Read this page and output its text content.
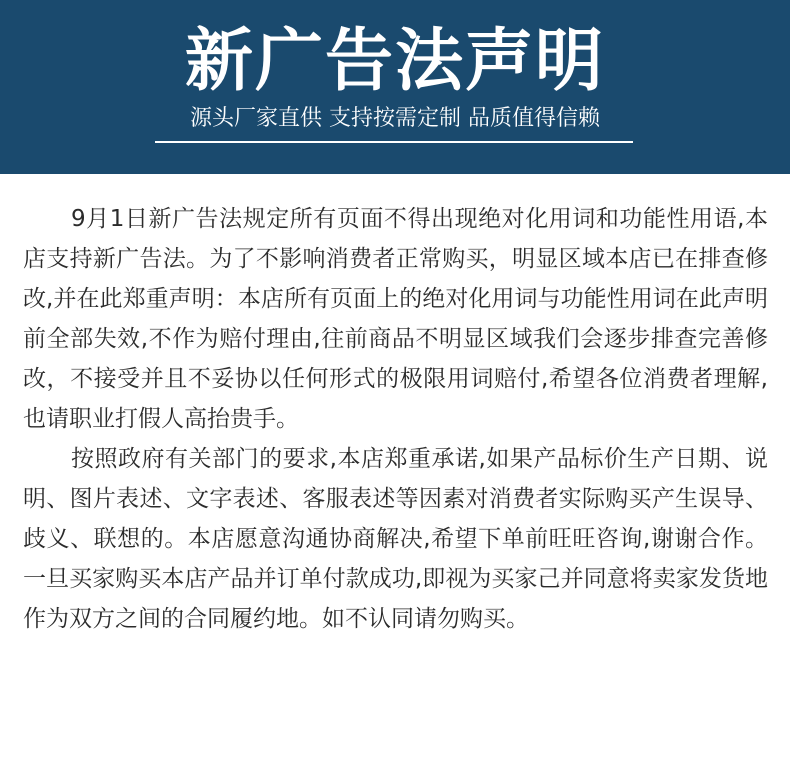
新广告法声明
源头厂家直供 支持按需定制 品质值得信赖

9月1日新广告法规定所有页面不得出现绝对化用词和功能性用语,本店支持新广告法。为了不影响消费者正常购买，明显区域本店已在排查修改,并在此郑重声明：本店所有页面上的绝对化用词与功能性用词在此声明前全部失效,不作为赔付理由,往前商品不明显区域我们会逐步排查完善修改，不接受并且不妥协以任何形式的极限用词赔付,希望各位消费者理解,也请职业打假人高抬贵手。

按照政府有关部门的要求,本店郑重承诺,如果产品标价生产日期、说明、图片表述、文字表述、客服表述等因素对消费者实际购买产生误导、歧义、联想的。本店愿意沟通协商解决,希望下单前旺旺咨询,谢谢合作。一旦买家购买本店产品并订单付款成功,即视为买家己并同意将卖家发货地作为双方之间的合同履约地。如不认同请勿购买。
